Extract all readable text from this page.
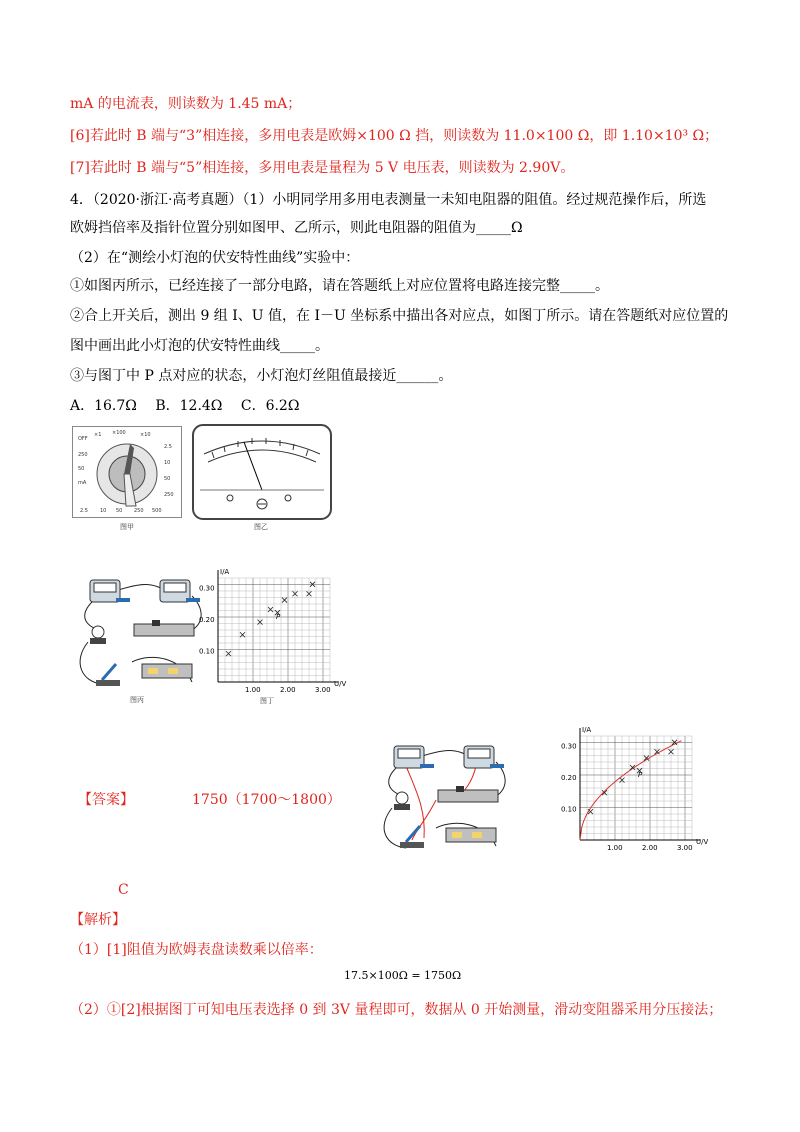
mA 的电流表，则读数为 1.45 mA；
[6]若此时 B 端与“3”相连接，多用电表是欧姆×100 Ω 挡，则读数为 11.0×100 Ω，即 1.10×10³ Ω；
[7]若此时 B 端与“5”相连接，多用电表是量程为 5 V 电压表，则读数为 2.90V。
4．（2020·浙江·高考真题）（1）小明同学用多用电表测量一未知电阻器的阻值。经过规范操作后，所选
欧姆挡倍率及指针位置分别如图甲、乙所示，则此电阻器的阻值为_____Ω
（2）在“测绘小灯泡的伏安特性曲线”实验中：
①如图丙所示，已经连接了一部分电路，请在答题纸上对应位置将电路连接完整_____。
②合上开关后，测出 9 组 I、U 值，在 I－U 坐标系中描出各对应点，如图丁所示。请在答题纸对应位置的
图中画出此小灯泡的伏安特性曲线_____。
③与图丁中 P 点对应的状态，小灯泡灯丝阻值最接近______。
A．16.7Ω　 B．12.4Ω　 C．6.2Ω
OFF
×1 ×100	×10
250
50
mA
2.5
10
50
250
2.5 10 50 250 500
图甲	图乙
图丙
U/V
I/A
1.00	2.00	3.00
0.10
0.20
0.30
P
图丁
U/V
I/A
1.00	2.00	3.00
0.10
0.20
0.30
P
【答案】	1750（1700～1800）
C
【解析】
（1）[1]阻值为欧姆表盘读数乘以倍率：
17.5×100Ω = 1750Ω
（2）①[2]根据图丁可知电压表选择 0 到 3V 量程即可，数据从 0 开始测量，滑动变阻器采用分压接法；
